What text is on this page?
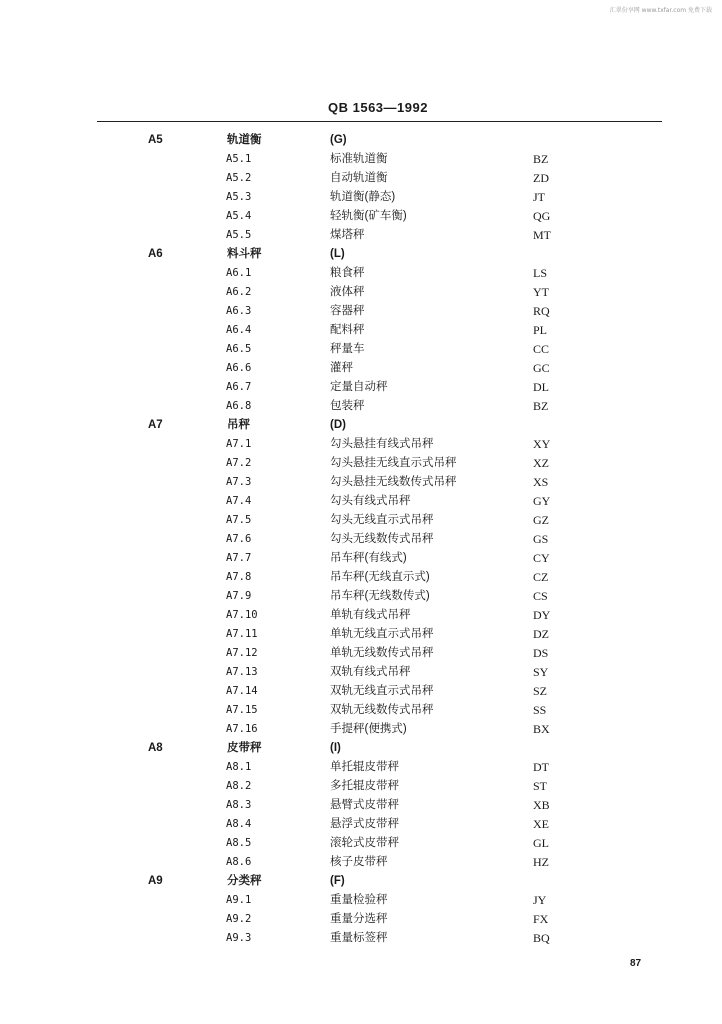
汇翠份享网 www.txfar.com 免费下载
QB 1563—1992
A5	轨道衡	(G)
A5.1	标准轨道衡	BZ
A5.2	自动轨道衡	ZD
A5.3	轨道衡(静态)	JT
A5.4	轻轨衡(矿车衡)	QG
A5.5	煤塔秤	MT
A6	料斗秤	(L)
A6.1	粮食秤	LS
A6.2	液体秤	YT
A6.3	容器秤	RQ
A6.4	配料秤	PL
A6.5	秤量车	CC
A6.6	灌秤	GC
A6.7	定量自动秤	DL
A6.8	包装秤	BZ
A7	吊秤	(D)
A7.1	勾头悬挂有线式吊秤	XY
A7.2	勾头悬挂无线直示式吊秤	XZ
A7.3	勾头悬挂无线数传式吊秤	XS
A7.4	勾头有线式吊秤	GY
A7.5	勾头无线直示式吊秤	GZ
A7.6	勾头无线数传式吊秤	GS
A7.7	吊车秤(有线式)	CY
A7.8	吊车秤(无线直示式)	CZ
A7.9	吊车秤(无线数传式)	CS
A7.10	单轨有线式吊秤	DY
A7.11	单轨无线直示式吊秤	DZ
A7.12	单轨无线数传式吊秤	DS
A7.13	双轨有线式吊秤	SY
A7.14	双轨无线直示式吊秤	SZ
A7.15	双轨无线数传式吊秤	SS
A7.16	手提秤(便携式)	BX
A8	皮带秤	(I)
A8.1	单托辊皮带秤	DT
A8.2	多托辊皮带秤	ST
A8.3	悬臂式皮带秤	XB
A8.4	悬浮式皮带秤	XE
A8.5	滚轮式皮带秤	GL
A8.6	核子皮带秤	HZ
A9	分类秤	(F)
A9.1	重量检验秤	JY
A9.2	重量分选秤	FX
A9.3	重量标签秤	BQ
87
